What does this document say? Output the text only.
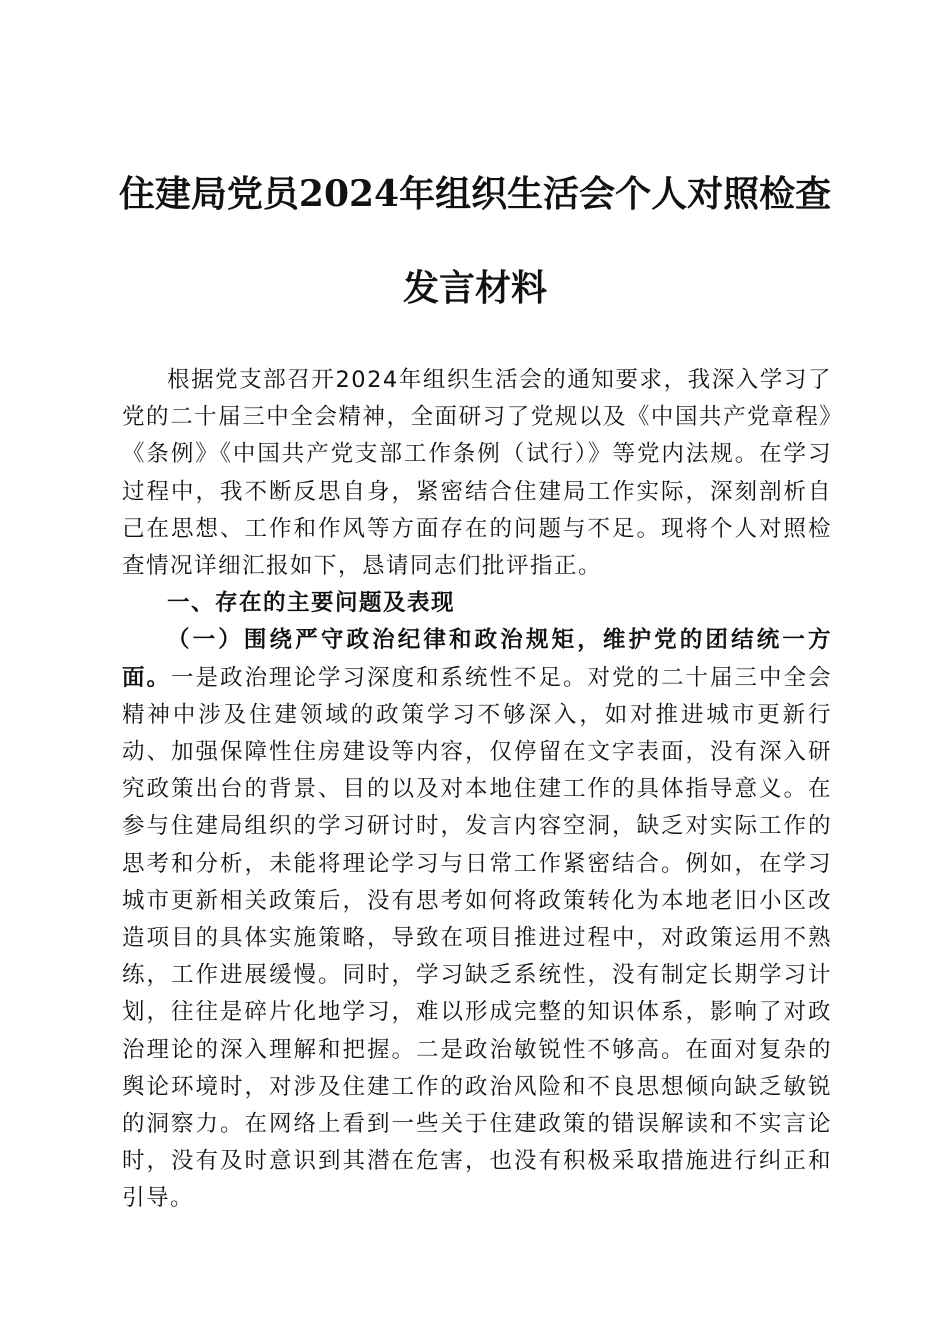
住建局党员2024年组织生活会个人对照检查
发言材料

根据党支部召开2024年组织生活会的通知要求，我深入学习了党的二十届三中全会精神，全面研习了党规以及《中国共产党章程》《条例》《中国共产党支部工作条例（试行）》等党内法规。在学习过程中，我不断反思自身，紧密结合住建局工作实际，深刻剖析自己在思想、工作和作风等方面存在的问题与不足。现将个人对照检查情况详细汇报如下，恳请同志们批评指正。

一、存在的主要问题及表现

（一）围绕严守政治纪律和政治规矩，维护党的团结统一方面。一是政治理论学习深度和系统性不足。对党的二十届三中全会精神中涉及住建领域的政策学习不够深入，如对推进城市更新行动、加强保障性住房建设等内容，仅停留在文字表面，没有深入研究政策出台的背景、目的以及对本地住建工作的具体指导意义。在参与住建局组织的学习研讨时，发言内容空洞，缺乏对实际工作的思考和分析，未能将理论学习与日常工作紧密结合。例如，在学习城市更新相关政策后，没有思考如何将政策转化为本地老旧小区改造项目的具体实施策略，导致在项目推进过程中，对政策运用不熟练，工作进展缓慢。同时，学习缺乏系统性，没有制定长期学习计划，往往是碎片化地学习，难以形成完整的知识体系，影响了对政治理论的深入理解和把握。二是政治敏锐性不够高。在面对复杂的舆论环境时，对涉及住建工作的政治风险和不良思想倾向缺乏敏锐的洞察力。在网络上看到一些关于住建政策的错误解读和不实言论时，没有及时意识到其潜在危害，也没有积极采取措施进行纠正和引导。
